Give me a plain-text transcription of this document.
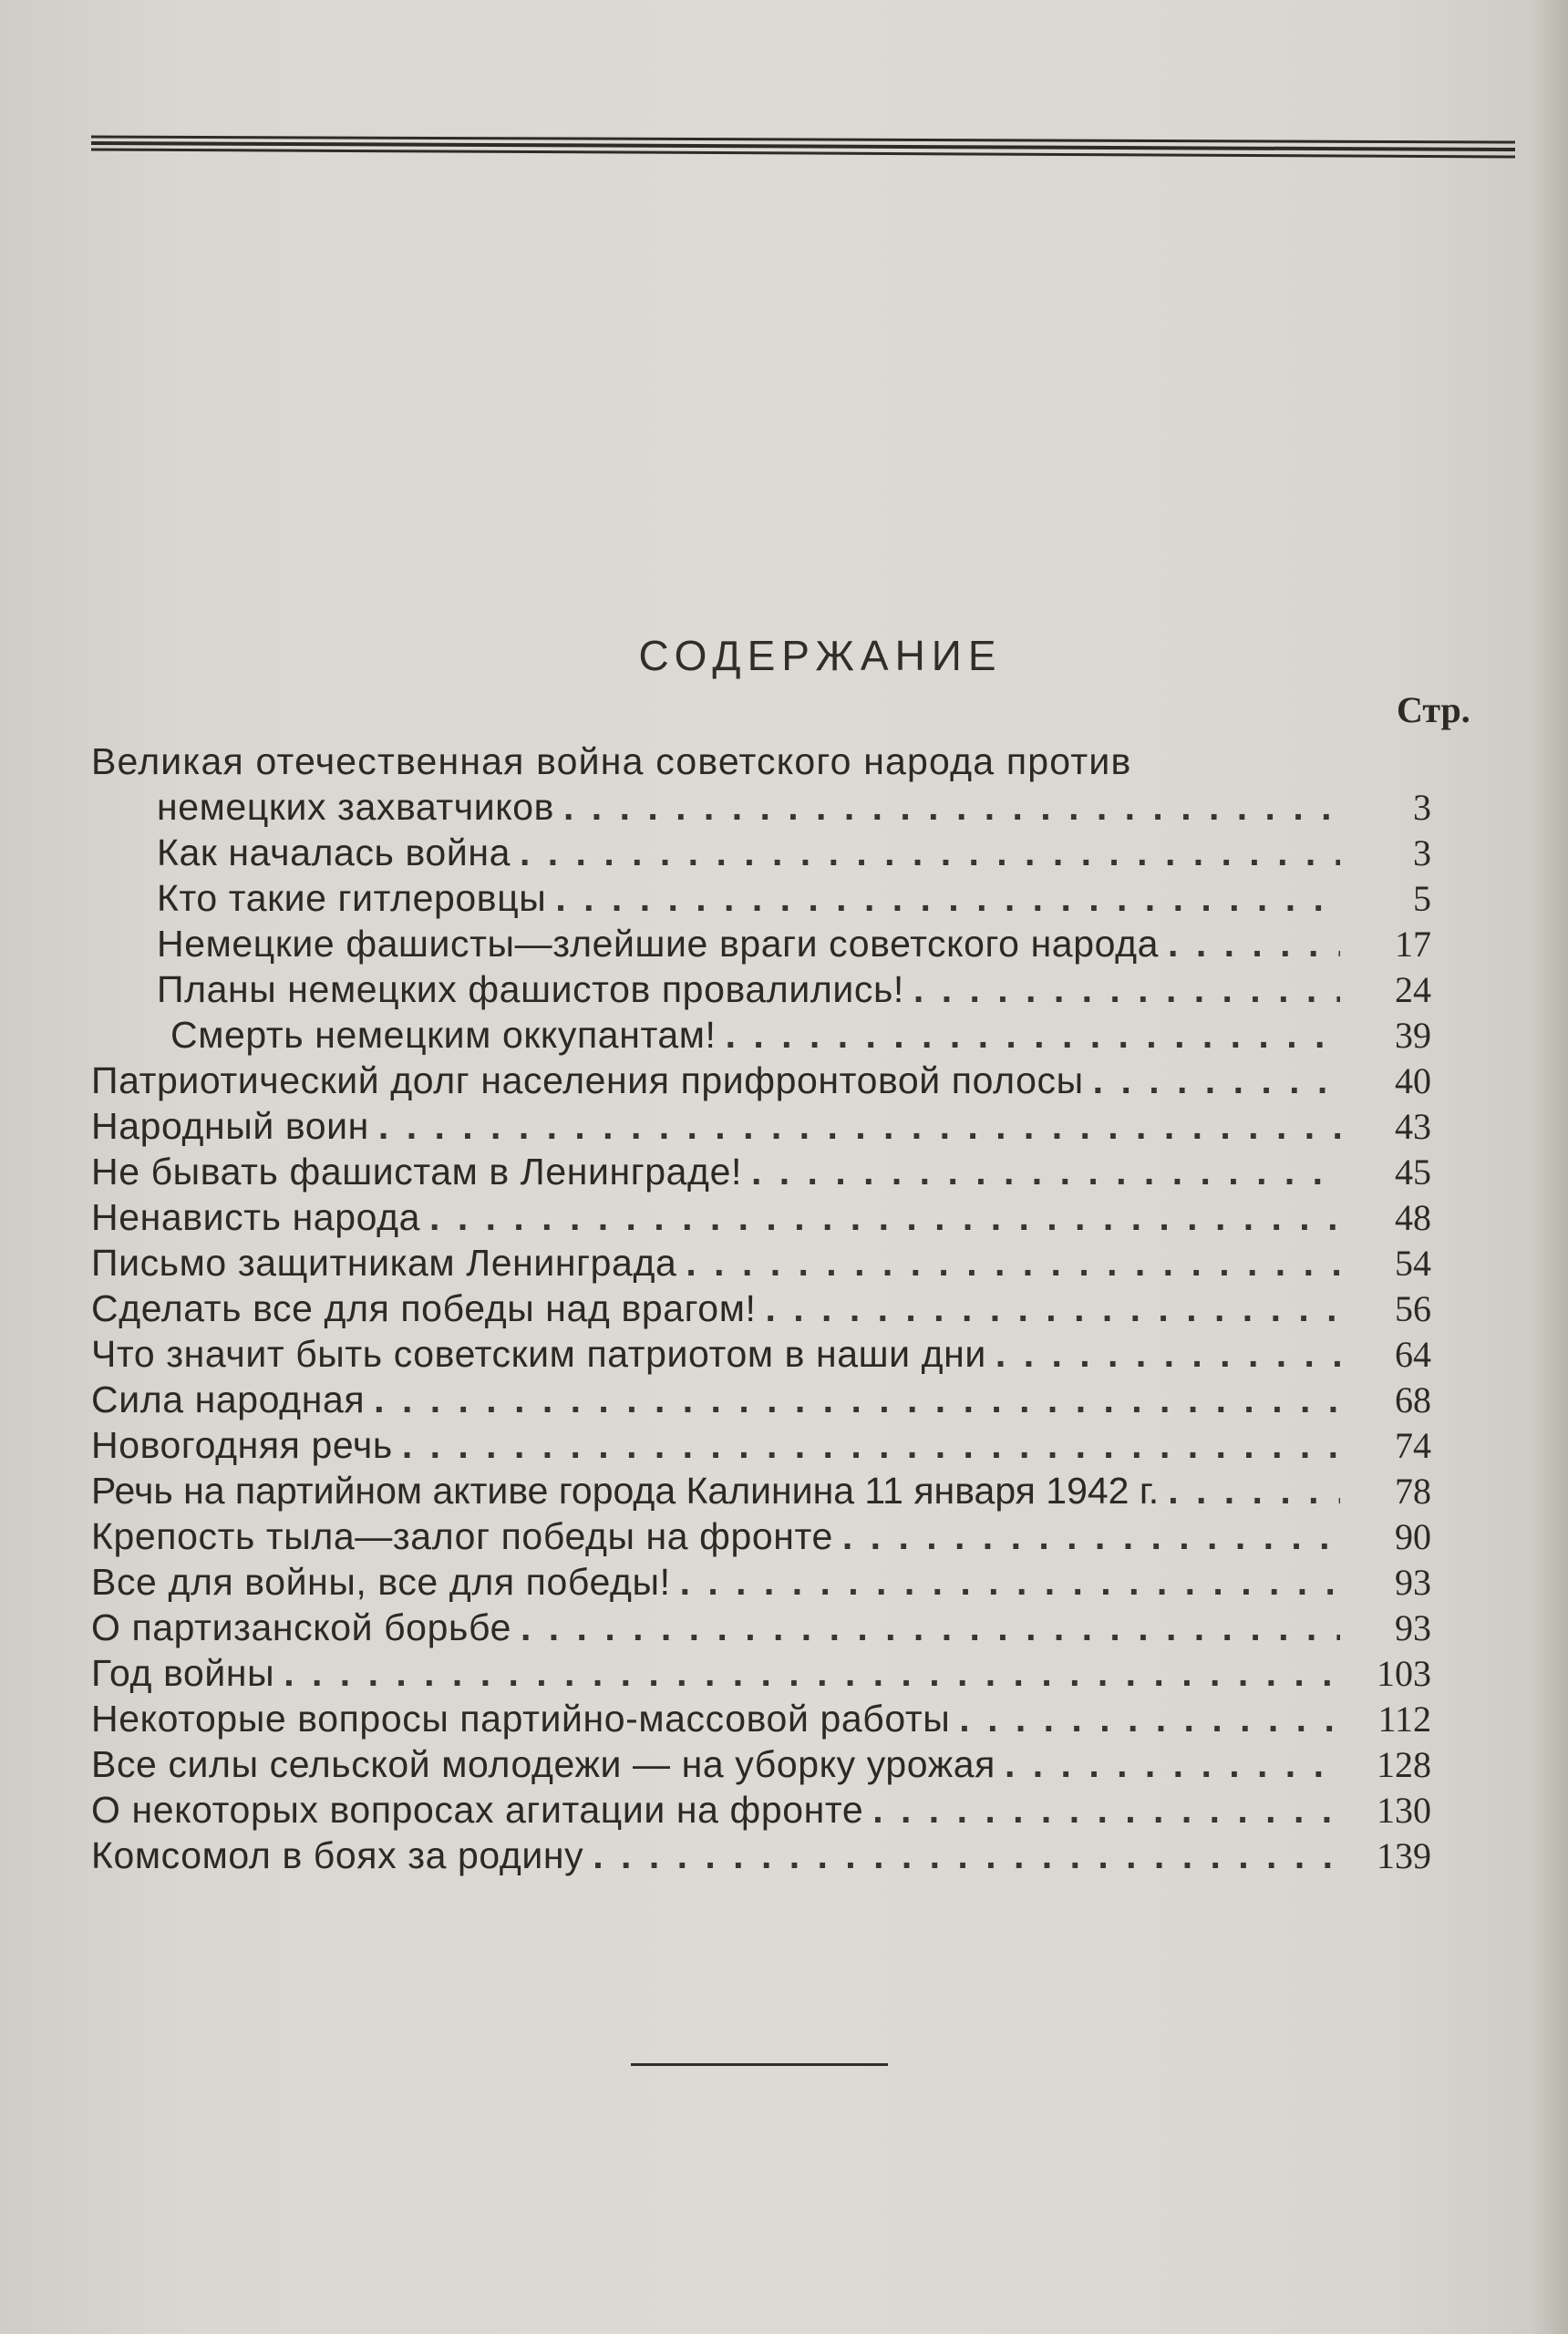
СОДЕРЖАНИЕ
Стр.
Великая отечественная война советского народа против
немецких захватчиков . . .	3
Как началась война . . .	3
Кто такие гитлеровцы . . .	5
Немецкие фашисты—злейшие враги советского народа . . .	17
Планы немецких фашистов провалились! . . .	24
Смерть немецким оккупантам! . . .	39
Патриотический долг населения прифронтовой полосы . . .	40
Народный воин . . .	43
Не бывать фашистам в Ленинграде! . . .	45
Ненависть народа . . .	48
Письмо защитникам Ленинграда . . .	54
Сделать все для победы над врагом! . . .	56
Что значит быть советским патриотом в наши дни . . .	64
Сила народная . . .	68
Новогодняя речь . . .	74
Речь на партийном активе города Калинина 11 января 1942 г. . . .	78
Крепость тыла—залог победы на фронте . . .	90
Все для войны, все для победы! . . .	93
О партизанской борьбе . . .	93
Год войны . . .	103
Некоторые вопросы партийно-массовой работы . . .	112
Все силы сельской молодежи — на уборку урожая . . .	128
О некоторых вопросах агитации на фронте . . .	130
Комсомол в боях за родину . . .	139
